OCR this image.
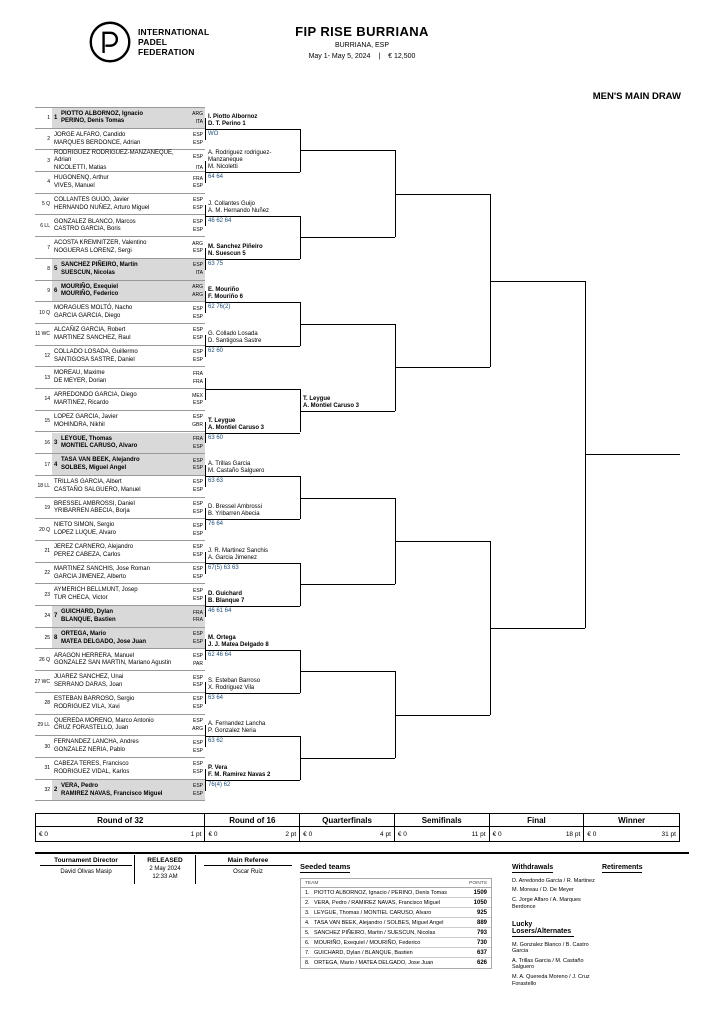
INTERNATIONAL
PADEL
FEDERATION
FIP RISE BURRIANA
BURRIANA, ESP
May 1- May 5, 2024 | € 12,500
MEN'S MAIN DRAW
1 1
PIOTTO ALBORNOZ, Ignacio	ARG
PERINO, Denis Tomas	ITA
2
JORGE ALFARO, Candido	ESP
MARQUES BERDONCE, Adrian	ESP
3
RODRIGUEZ RODRIGUEZ-MANZANEQUE, Adrian	ESP
NICOLETTI, Matias	ITA
4
HUGONENQ, Arthur	FRA
VIVES, Manuel	ESP
5 Q
COLLANTES GUIJO, Javier	ESP
HERNANDO NUÑEZ, Arturo Miguel	ESP
6 LL
GONZALEZ BLANCO, Marcos	ESP
CASTRO GARCIA, Boris	ESP
7
ACOSTA KREMNITZER, Valentino	ARG
NOGUERAS LORENZ, Sergi	ESP
8 5
SANCHEZ PIÑEIRO, Martin	ESP
SUESCUN, Nicolas	ITA
9 6
MOURIÑO, Exequiel	ARG
MOURIÑO, Federico	ARG
10 Q
MORAGUES MOLTÓ, Nacho	ESP
GARCIA GARCIA, Diego	ESP
11 WC
ALCAÑIZ GARCIA, Robert	ESP
MARTINEZ SANCHEZ, Raul	ESP
12
COLLADO LOSADA, Guillermo	ESP
SANTIGOSA SASTRE, Daniel	ESP
13
MOREAU, Maxime	FRA
DE MEYER, Dorian	FRA
14
ARREDONDO GARCIA, Diego	MEX
MARTINEZ, Ricardo	ESP
15
LOPEZ GARCIA, Javier	ESP
MOHINDRA, Nikhil	GBR
16 3
LEYGUE, Thomas	FRA
MONTIEL CARUSO, Alvaro	ESP
17 4
TASA VAN BEEK, Alejandro	ESP
SOLBES, Miguel Angel	ESP
18 LL
TRILLAS GARCIA, Albert	ESP
CASTAÑO SALGUERO, Manuel	ESP
19
BRESSEL AMBROSSI, Daniel	ESP
YRIBARREN ABECIA, Borja	ESP
20 Q
NIETO SIMON, Sergio	ESP
LOPEZ LUQUE, Alvaro	ESP
21
JEREZ CARNERO, Alejandro	ESP
PEREZ CABEZA, Carlos	ESP
22
MARTINEZ SANCHIS, Jose Roman	ESP
GARCIA JIMENEZ, Alberto	ESP
23
AYMERICH BELLMUNT, Josep	ESP
TUR CHECA, Victor	ESP
24 7
GUICHARD, Dylan	FRA
BLANQUE, Bastien	FRA
25 8
ORTEGA, Mario	ESP
MATEA DELGADO, Jose Juan	ESP
26 Q
ARAGON HERRERA, Manuel	ESP
GONZALEZ SAN MARTIN, Mariano Agustin	PAR
27 WC
JUAREZ SANCHEZ, Unai	ESP
SERRANO DARAS, Joan	ESP
28
ESTEBAN BARROSO, Sergio	ESP
RODRIGUEZ VILA, Xavi	ESP
29 LL
QUEREDA MORENO, Marco Antonio	ESP
CRUZ FORASTELLO, Juan	ARG
30
FERNANDEZ LANCHA, Andres	ESP
GONZALEZ NERIA, Pablo	ESP
31
CABEZA TERES, Francisco	ESP
RODRIGUEZ VIDAL, Karlos	ESP
32 2
VERA, Pedro	ESP
RAMIREZ NAVAS, Francisco Miguel	ESP
I. Piotto Albornoz
D. T. Perino 1
WO
A. Rodriguez rodriguez-
Manzaneque
M. Nicoletti
64 64
J. Collantes Guijo
A. M. Hernando Nuñez
46 62 64
M. Sanchez Piñeiro
N. Suescun 5
63 75
E. Mouriño
F. Mouriño 6
62 76(2)
G. Collado Losada
D. Santigosa Sastre
62 60
T. Leygue
A. Montiel Caruso 3
63 60
A. Trillas Garcia
M. Castaño Salguero
63 63
D. Bressel Ambrossi
B. Yribarren Abecia
76 64
J. R. Martinez Sanchis
A. Garcia Jimenez
67(5) 63 63
D. Guichard
B. Blanque 7
46 61 64
M. Ortega
J. J. Matea Delgado 8
62 46 64
S. Esteban Barroso
X. Rodriguez Vila
63 64
A. Fernandez Lancha
P. Gonzalez Neria
63 62
P. Vera
F. M. Ramirez Navas 2
76(4) 62
T. Leygue
A. Montiel Caruso 3
Round of 32
€ 0	1 pt
Round of 16
€ 0	2 pt
Quarterfinals
€ 0	4 pt
Semifinals
€ 0	11 pt
Final
€ 0	18 pt
Winner
€ 0	31 pt
Tournament Director
David Olivas Masip
RELEASED
2 May 2024
12:33 AM
Main Referee
Oscar Ruiz
Seeded teams
TEAM	POINTS
1. PIOTTO ALBORNOZ, Ignacio / PERINO, Denis Tomas	1509
2. VERA, Pedro / RAMIREZ NAVAS, Francisco Miguel	1050
3. LEYGUE, Thomas / MONTIEL CARUSO, Alvaro	925
4. TASA VAN BEEK, Alejandro / SOLBES, Miguel Angel	889
5. SANCHEZ PIÑEIRO, Martin / SUESCUN, Nicolas	793
6. MOURIÑO, Exequiel / MOURIÑO, Federico	730
7. GUICHARD, Dylan / BLANQUE, Bastien	637
8. ORTEGA, Mario / MATEA DELGADO, Jose Juan	626
Withdrawals
D. Arredondo Garcia / R. Martinez
M. Moreau / D. De Meyer
C. Jorge Alfaro / A. Marques Berdonce
Retirements
Lucky Losers/Alternates
M. Gonzalez Blanco / B. Castro Garcia
A. Trillas Garcia / M. Castaño Salguero
M. A. Quereda Moreno / J. Cruz Forastello
